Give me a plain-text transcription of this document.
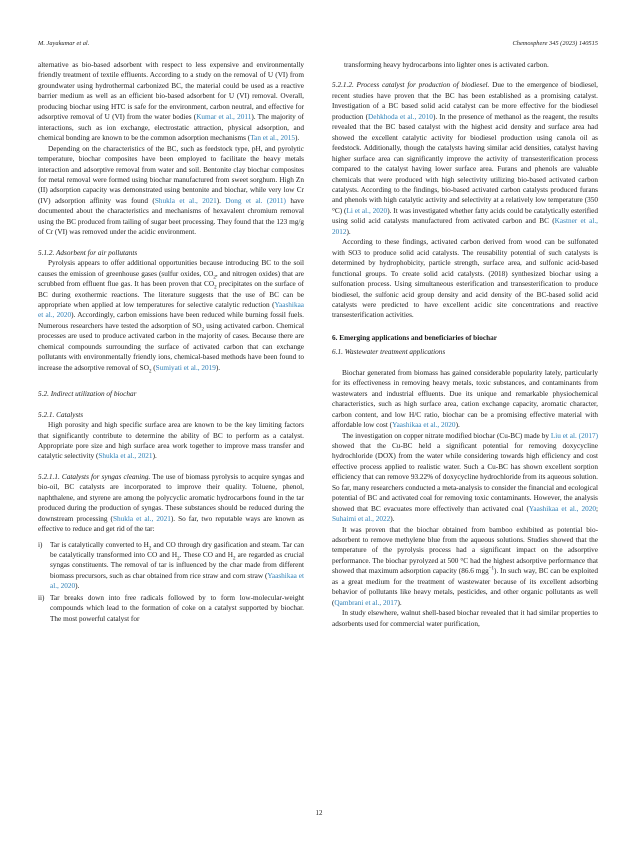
M. Jayakumar et al.	Chemosphere 345 (2023) 140515

alternative as bio-based adsorbent with respect to less expensive and environmentally friendly treatment of textile effluents. According to a study on the removal of U (VI) from groundwater using hydrothermal carbonized BC, the material could be used as a reactive barrier medium as well as an efficient bio-based adsorbent for U (VI) removal. Overall, producing biochar using HTC is safe for the environment, carbon neutral, and effective for adsorptive removal of U (VI) from the water bodies (Kumar et al., 2011). The majority of interactions, such as ion exchange, electrostatic attraction, physical adsorption, and chemical bonding are known to be the common adsorption mechanisms (Tan et al., 2015).

Depending on the characteristics of the BC, such as feedstock type, pH, and pyrolytic temperature, biochar composites have been employed to facilitate the heavy metals interaction and adsorptive removal from water and soil. Bentonite clay biochar composites for metal removal were formed using biochar manufactured from sweet sorghum. High Zn (II) adsorption capacity was demonstrated using bentonite and biochar, while very low Cr (IV) adsorption affinity was found (Shukla et al., 2021). Dong et al. (2011) have documented about the characteristics and mechanisms of hexavalent chromium removal using the BC produced from tailing of sugar beet processing. They found that the 123 mg/g of Cr (VI) was removed under the acidic environment.

5.1.2. Adsorbent for air pollutants

Pyrolysis appears to offer additional opportunities because introducing BC to the soil causes the emission of greenhouse gases (sulfur oxides, $CO_2$, and nitrogen oxides) that are scrubbed from effluent flue gas. It has been proven that $CO_2$ precipitates on the surface of BC during exothermic reactions. The literature suggests that the use of BC can be appropriate when applied at low temperatures for selective catalytic reduction (Yaashikaa et al., 2020). Accordingly, carbon emissions have been reduced while burning fossil fuels. Numerous researchers have tested the adsorption of $SO_2$ using activated carbon. Chemical processes are used to produce activated carbon in the majority of cases. Because there are chemical compounds surrounding the surface of activated carbon that can exchange pollutants with environmentally friendly ions, chemical-based methods have been found to increase the adsorptive removal of $SO_2$ (Sumiyati et al., 2019).

5.2. Indirect utilization of biochar

5.2.1. Catalysts

High porosity and high specific surface area are known to be the key limiting factors that significantly contribute to determine the ability of BC to perform as a catalyst. Appropriate pore size and high surface area work together to improve mass transfer and catalytic selectivity (Shukla et al., 2021).

5.2.1.1. Catalysts for syngas cleaning. The use of biomass pyrolysis to acquire syngas and bio-oil, BC catalysts are incorporated to improve their quality. Toluene, phenol, naphthalene, and styrene are among the polycyclic aromatic hydrocarbons found in the tar produced during the production of syngas. These substances should be reduced during the downstream processing (Shukla et al., 2021). So far, two reputable ways are known as effective to reduce and get rid of the tar:

i) Tar is catalytically converted to $H_2$ and CO through dry gasification and steam. Tar can be catalytically transformed into CO and $H_2$. These CO and $H_2$ are regarded as crucial syngas constituents. The removal of tar is influenced by the char made from different biomass precursors, such as char obtained from rice straw and corn straw (Yaashikaa et al., 2020).
ii) Tar breaks down into free radicals followed by to form low-molecular-weight compounds which lead to the formation of coke on a catalyst supported by biochar. The most powerful catalyst for

transforming heavy hydrocarbons into lighter ones is activated carbon.

5.2.1.2. Process catalyst for production of biodiesel. Due to the emergence of biodiesel, recent studies have proven that the BC has been established as a promising catalyst. Investigation of a BC based solid acid catalyst can be more effective for the biodiesel production (Dehkhoda et al., 2010). In the presence of methanol as the reagent, the results revealed that the BC based catalyst with the highest acid density and surface area had showed the excellent catalytic activity for biodiesel production using canola oil as feedstock. Additionally, though the catalysts having similar acid densities, catalyst having higher surface area can significantly improve the activity of transesterification process compared to the catalyst having lower surface area. Furans and phenols are valuable chemicals that were produced with high selectivity utilizing bio-based activated carbon catalysts. According to the findings, bio-based activated carbon catalysts produced furans and phenols with high catalytic activity and selectivity at a relatively low temperature (350 °C) (Li et al., 2020). It was investigated whether fatty acids could be catalytically esterified using solid acid catalysts manufactured from activated carbon and BC (Kastner et al., 2012).

According to these findings, activated carbon derived from wood can be sulfonated with SO3 to produce solid acid catalysts. The reusability potential of such catalysts is determined by hydrophobicity, particle strength, surface area, and sulfonic acid-based functional groups. To create solid acid catalysts. (2018) synthesized biochar using a sulfonation process. Using simultaneous esterification and transesterification to produce biodiesel, the sulfonic acid group density and acid density of the BC-based solid acid catalysts were predicted to have excellent acidic site concentrations and reactive transesterification activities.

6. Emerging applications and beneficiaries of biochar

6.1. Wastewater treatment applications

Biochar generated from biomass has gained considerable popularity lately, particularly for its effectiveness in removing heavy metals, toxic substances, and contaminants from wastewaters and industrial effluents. Due its unique and remarkable physiochemical characteristics, such as high surface area, cation exchange capacity, aromatic character, carbon content, and low H/C ratio, biochar can be a promising effective material with affordable low cost (Yaashikaa et al., 2020).

The investigation on copper nitrate modified biochar (Cu-BC) made by Liu et al. (2017) showed that the Cu-BC held a significant potential for removing doxycycline hydrochloride (DOX) from the water while considering towards high efficiency and cost effective process applied to realistic water. Such a Cu-BC has shown excellent sorption efficiency that can remove 93.22% of doxycycline hydrochloride from its aqueous solution. So far, many researchers conducted a meta-analysis to consider the financial and ecological potential of BC and activated coal for removing toxic contaminants. However, the analysis showed that BC evacuates more effectively than activated coal (Yaashikaa et al., 2020; Suhaimi et al., 2022).

It was proven that the biochar obtained from bamboo exhibited as potential bio-adsorbent to remove methylene blue from the aqueous solutions. Studies showed that the temperature of the pyrolysis process had a significant impact on the adsorptive performance. The biochar pyrolyzed at 500 °C had the highest adsorptive performance that showed that maximum adsorption capacity (86.6 mgg$^{-1}$). In such way, BC can be exploited as a great medium for the treatment of wastewater because of its excellent adsorbing behavior of pollutants like heavy metals, pesticides, and other organic pollutants as well (Qambrani et al., 2017).

In study elsewhere, walnut shell-based biochar revealed that it had similar properties to adsorbents used for commercial water purification,

12
